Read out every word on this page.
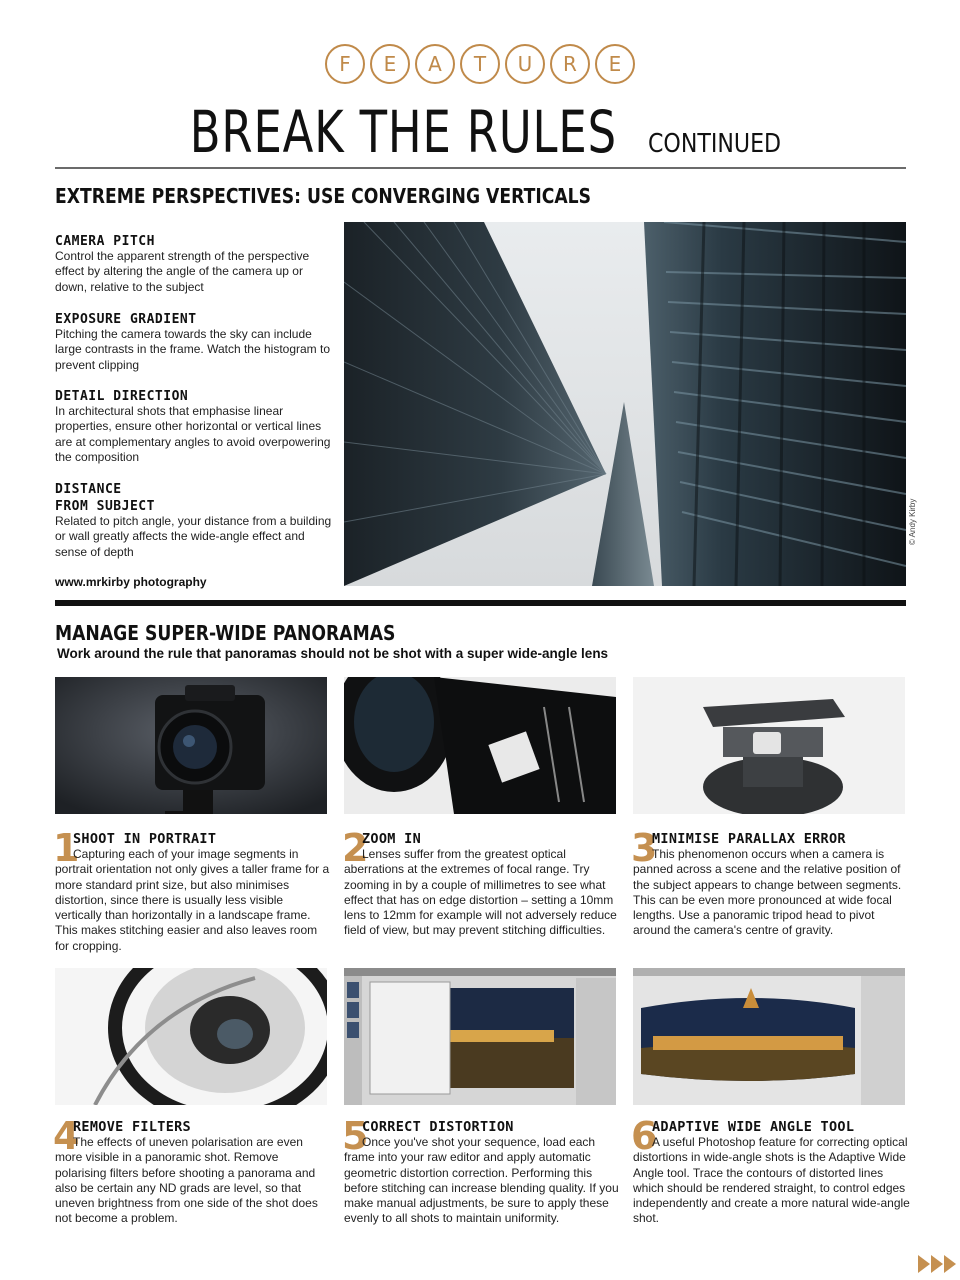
F	E	A	T	U	R	E
BREAK THE RULES CONTINUED
EXTREME PERSPECTIVES: USE CONVERGING VERTICALS
CAMERA PITCH
Control the apparent strength of the perspective effect by altering the angle of the camera up or down, relative to the subject
EXPOSURE GRADIENT
Pitching the camera towards the sky can include large contrasts in the frame. Watch the histogram to prevent clipping
DETAIL DIRECTION
In architectural shots that emphasise linear properties, ensure other horizontal or vertical lines are at complementary angles to avoid overpowering the composition
DISTANCE
FROM SUBJECT
Related to pitch angle, your distance from a building or wall greatly affects the wide-angle effect and sense of depth
www.mrkirby photography
© Andy Kirby
MANAGE SUPER-WIDE PANORAMAS
Work around the rule that panoramas should not be shot with a super wide-angle lens
1
SHOOT IN PORTRAIT
Capturing each of your image segments in portrait orientation not only gives a taller frame for a more standard print size, but also minimises distortion, since there is usually less visible vertically than horizontally in a landscape frame. This makes stitching easier and also leaves room for cropping.
2
ZOOM IN
Lenses suffer from the greatest optical aberrations at the extremes of focal range. Try zooming in by a couple of millimetres to see what effect that has on edge distortion – setting a 10mm lens to 12mm for example will not adversely reduce field of view, but may prevent stitching difficulties.
3
MINIMISE PARALLAX ERROR
This phenomenon occurs when a camera is panned across a scene and the relative position of the subject appears to change between segments. This can be even more pronounced at wide focal lengths. Use a panoramic tripod head to pivot around the camera's centre of gravity.
4
REMOVE FILTERS
The effects of uneven polarisation are even more visible in a panoramic shot. Remove polarising filters before shooting a panorama and also be certain any ND grads are level, so that uneven brightness from one side of the shot does not become a problem.
5
CORRECT DISTORTION
Once you've shot your sequence, load each frame into your raw editor and apply automatic geometric distortion correction. Performing this before stitching can increase blending quality. If you make manual adjustments, be sure to apply these evenly to all shots to maintain uniformity.
6
ADAPTIVE WIDE ANGLE TOOL
A useful Photoshop feature for correcting optical distortions in wide-angle shots is the Adaptive Wide Angle tool. Trace the contours of distorted lines which should be rendered straight, to control edges independently and create a more natural wide-angle shot.
